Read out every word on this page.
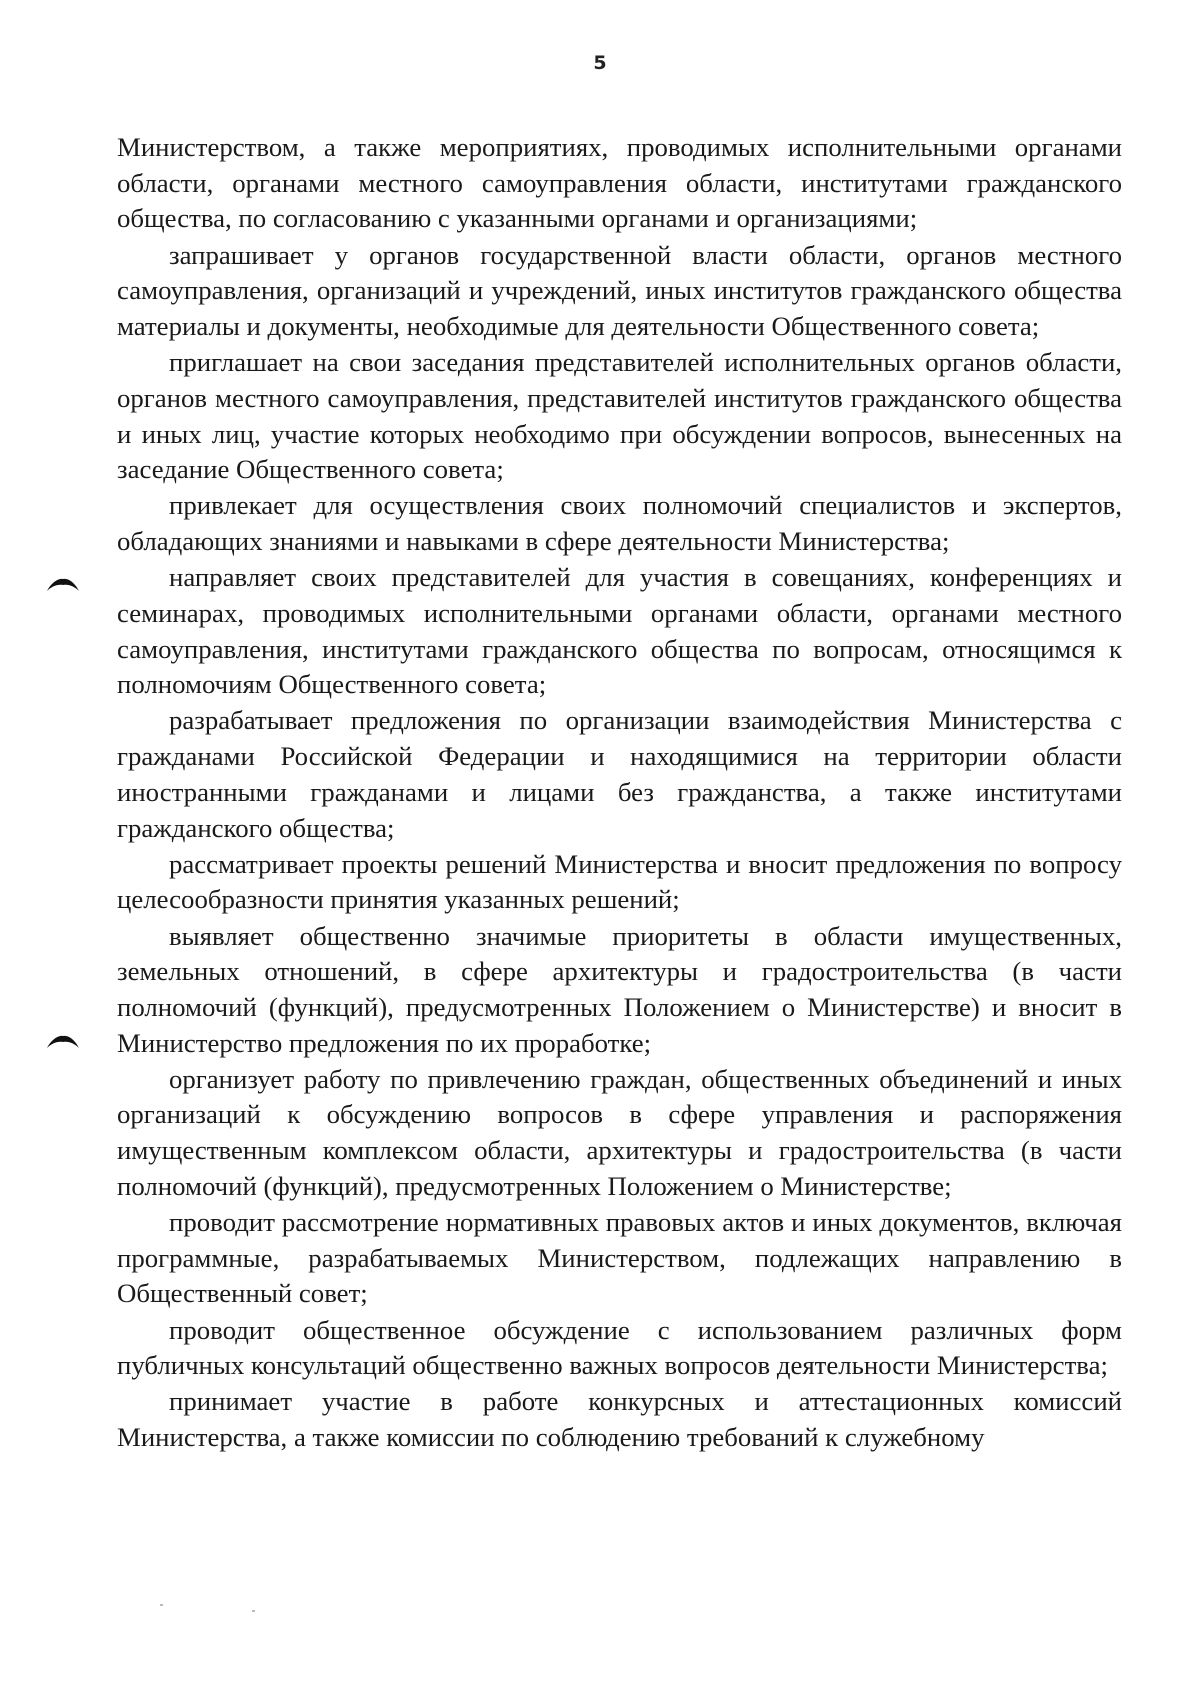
5

Министерством, а также мероприятиях, проводимых исполнительными органами области, органами местного самоуправления области, институтами гражданского общества, по согласованию с указанными органами и организациями;

запрашивает у органов государственной власти области, органов местного самоуправления, организаций и учреждений, иных институтов гражданского общества материалы и документы, необходимые для деятельности Общественного совета;

приглашает на свои заседания представителей исполнительных органов области, органов местного самоуправления, представителей институтов гражданского общества и иных лиц, участие которых необходимо при обсуждении вопросов, вынесенных на заседание Общественного совета;

привлекает для осуществления своих полномочий специалистов и экспертов, обладающих знаниями и навыками в сфере деятельности Министерства;

направляет своих представителей для участия в совещаниях, конференциях и семинарах, проводимых исполнительными органами области, органами местного самоуправления, институтами гражданского общества по вопросам, относящимся к полномочиям Общественного совета;

разрабатывает предложения по организации взаимодействия Министерства с гражданами Российской Федерации и находящимися на территории области иностранными гражданами и лицами без гражданства, а также институтами гражданского общества;

рассматривает проекты решений Министерства и вносит предложения по вопросу целесообразности принятия указанных решений;

выявляет общественно значимые приоритеты в области имущественных, земельных отношений, в сфере архитектуры и градостроительства (в части полномочий (функций), предусмотренных Положением о Министерстве) и вносит в Министерство предложения по их проработке;

организует работу по привлечению граждан, общественных объединений и иных организаций к обсуждению вопросов в сфере управления и распоряжения имущественным комплексом области, архитектуры и градостроительства (в части полномочий (функций), предусмотренных Положением о Министерстве;

проводит рассмотрение нормативных правовых актов и иных документов, включая программные, разрабатываемых Министерством, подлежащих направлению в Общественный совет;

проводит общественное обсуждение с использованием различных форм публичных консультаций общественно важных вопросов деятельности Министерства;

принимает участие в работе конкурсных и аттестационных комиссий Министерства, а также комиссии по соблюдению требований к служебному
